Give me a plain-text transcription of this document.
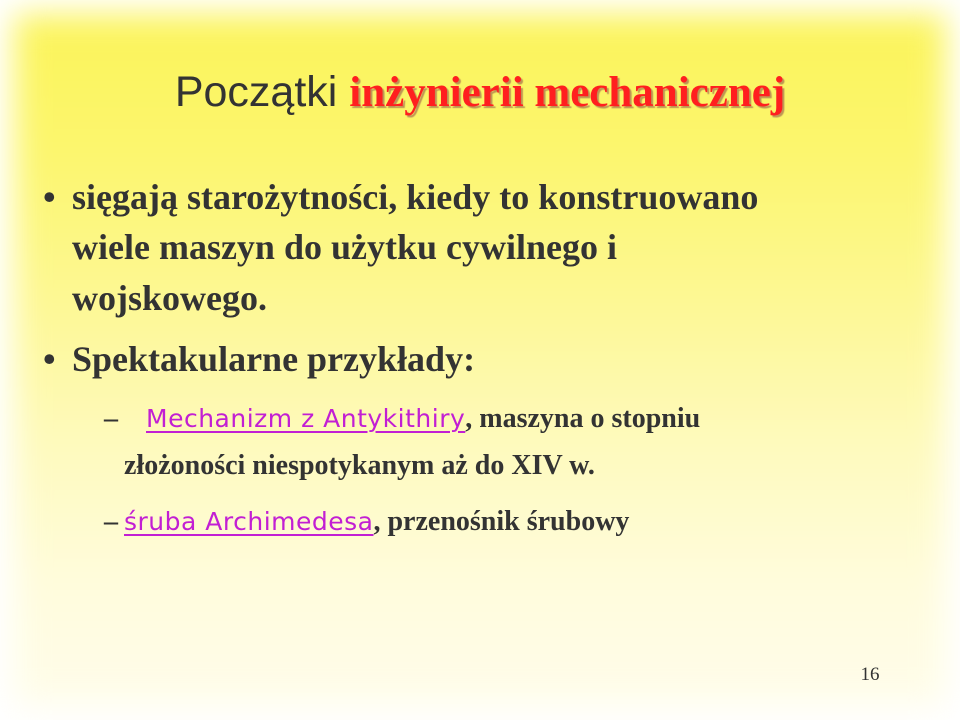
Początki inżynierii mechanicznej
• sięgają starożytności, kiedy to konstruowano
wiele maszyn do użytku cywilnego i
wojskowego.
• Spektakularne przykłady:
– Mechanizm z Antykithiry, maszyna o stopniu
złożoności niespotykanym aż do XIV w.
– śruba Archimedesa, przenośnik śrubowy
16
